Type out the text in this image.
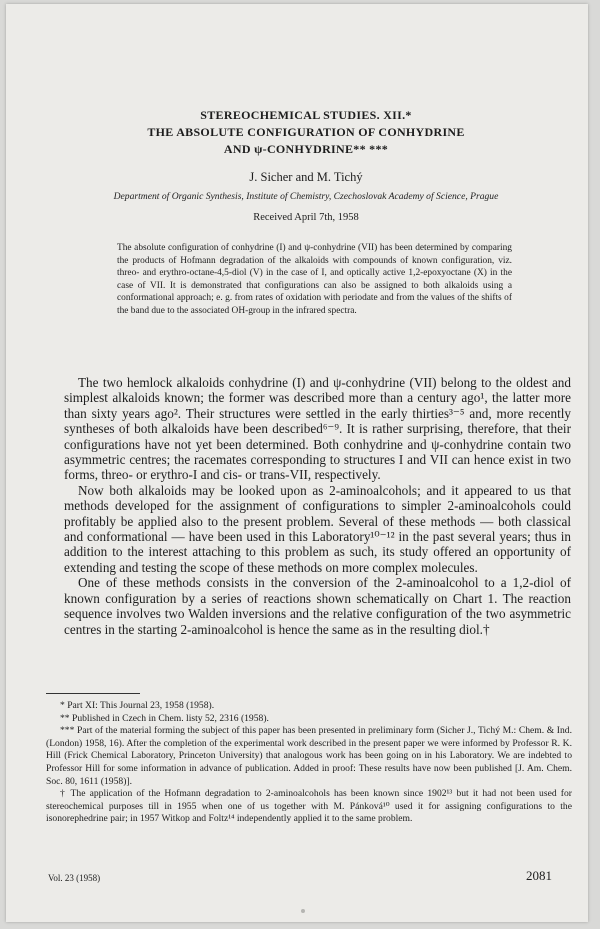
STEREOCHEMICAL STUDIES. XII.*
THE ABSOLUTE CONFIGURATION OF CONHYDRINE
AND ψ-CONHYDRINE** ***
J. Sicher and M. Tichý
Department of Organic Synthesis, Institute of Chemistry, Czechoslovak Academy of Science, Prague
Received April 7th, 1958

The absolute configuration of conhydrine (I) and ψ-conhydrine (VII) has been determined by comparing the products of Hofmann degradation of the alkaloids with compounds of known configuration, viz. threo- and erythro-octane-4,5-diol (V) in the case of I, and optically active 1,2-epoxyoctane (X) in the case of VII. It is demonstrated that configurations can also be assigned to both alkaloids using a conformational approach; e. g. from rates of oxidation with periodate and from the values of the shifts of the band due to the associated OH-group in the infrared spectra.

The two hemlock alkaloids conhydrine (I) and ψ-conhydrine (VII) belong to the oldest and simplest alkaloids known; the former was described more than a century ago¹, the latter more than sixty years ago². Their structures were settled in the early thirties³⁻⁵ and, more recently syntheses of both alkaloids have been described⁶⁻⁹. It is rather surprising, therefore, that their configurations have not yet been determined. Both conhydrine and ψ-conhydrine contain two asymmetric centres; the racemates corresponding to structures I and VII can hence exist in two forms, threo- or erythro-I and cis- or trans-VII, respectively.

Now both alkaloids may be looked upon as 2-aminoalcohols; and it appeared to us that methods developed for the assignment of configurations to simpler 2-aminoalcohols could profitably be applied also to the present problem. Several of these methods — both classical and conformational — have been used in this Laboratory¹⁰⁻¹² in the past several years; thus in addition to the interest attaching to this problem as such, its study offered an opportunity of extending and testing the scope of these methods on more complex molecules.

One of these methods consists in the conversion of the 2-aminoalcohol to a 1,2-diol of known configuration by a series of reactions shown schematically on Chart 1. The reaction sequence involves two Walden inversions and the relative configuration of the two asymmetric centres in the starting 2-aminoalcohol is hence the same as in the resulting diol.†

* Part XI: This Journal 23, 1958 (1958).

** Published in Czech in Chem. listy 52, 2316 (1958).

*** Part of the material forming the subject of this paper has been presented in preliminary form (Sicher J., Tichý M.: Chem. & Ind. (London) 1958, 16). After the completion of the experimental work described in the present paper we were informed by Professor R. K. Hill (Frick Chemical Laboratory, Princeton University) that analogous work has been going on in his Laboratory. We are indebted to Professor Hill for some information in advance of publication. Added in proof: These results have now been published [J. Am. Chem. Soc. 80, 1611 (1958)].

† The application of the Hofmann degradation to 2-aminoalcohols has been known since 1902¹³ but it had not been used for stereochemical purposes till in 1955 when one of us together with M. Pánková¹⁰ used it for assigning configurations to the isonorephedrine pair; in 1957 Witkop and Foltz¹⁴ independently applied it to the same problem.

Vol. 23 (1958)	2081
